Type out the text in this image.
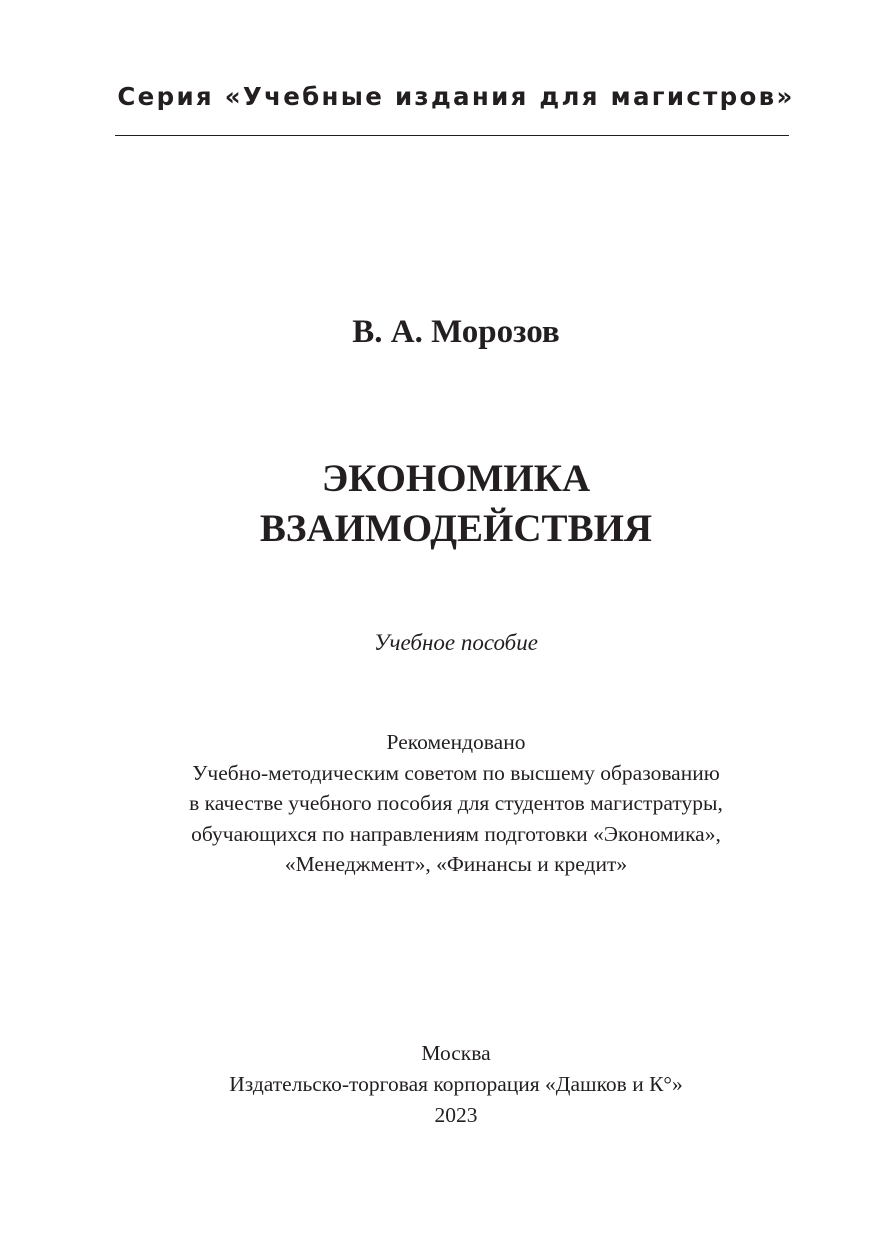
Серия «Учебные издания для магистров»
В. А. Морозов
ЭКОНОМИКА
ВЗАИМОДЕЙСТВИЯ
Учебное пособие
Рекомендовано
Учебно-методическим советом по высшему образованию
в качестве учебного пособия для студентов магистратуры,
обучающихся по направлениям подготовки «Экономика»,
«Менеджмент», «Финансы и кредит»
Москва
Издательско-торговая корпорация «Дашков и К°»
2023
